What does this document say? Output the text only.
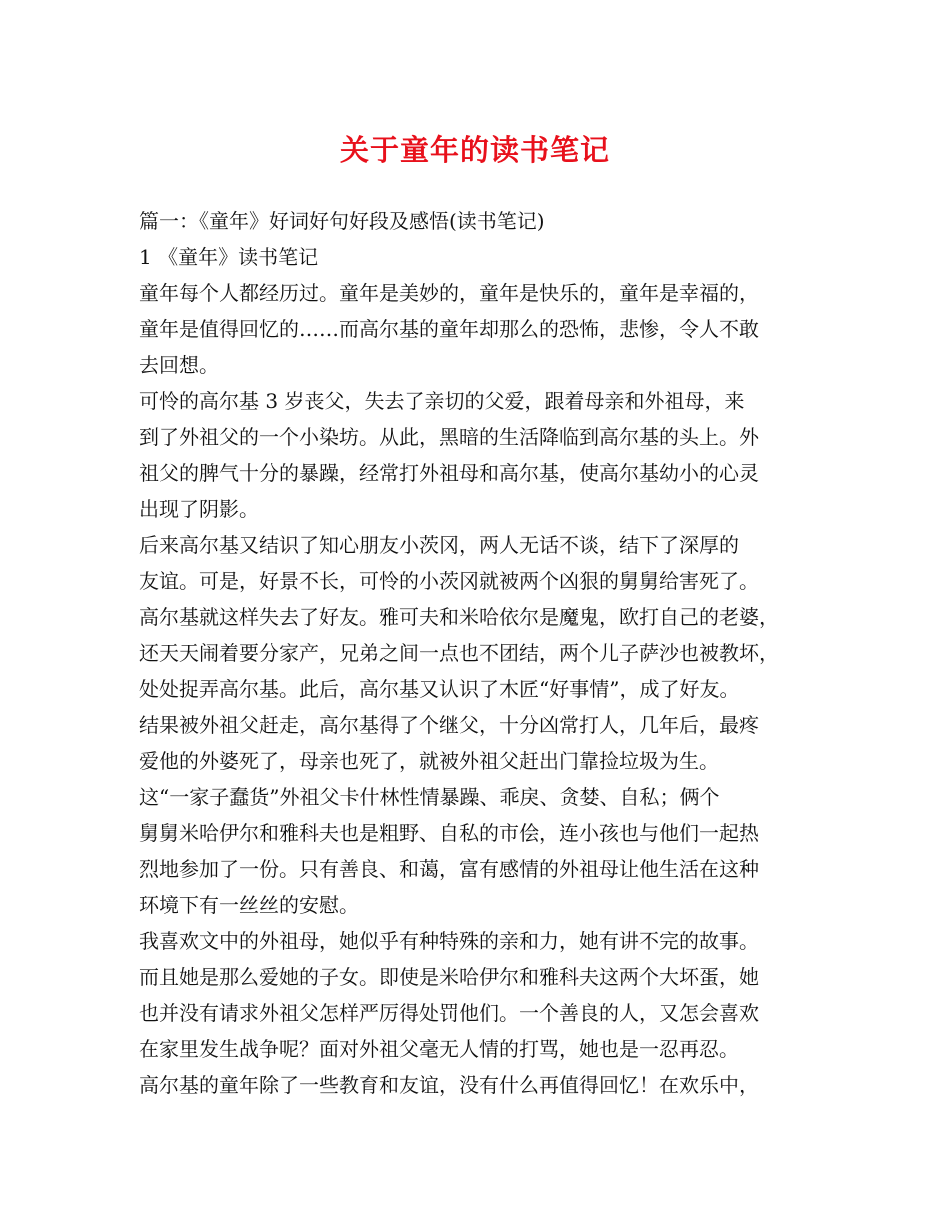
关于童年的读书笔记
篇一：《童年》好词好句好段及感悟(读书笔记)
1 《童年》读书笔记
童年每个人都经历过。童年是美妙的，童年是快乐的，童年是幸福的，
童年是值得回忆的……而高尔基的童年却那么的恐怖，悲惨，令人不敢
去回想。
可怜的高尔基 3 岁丧父，失去了亲切的父爱，跟着母亲和外祖母，来
到了外祖父的一个小染坊。从此，黑暗的生活降临到高尔基的头上。外
祖父的脾气十分的暴躁，经常打外祖母和高尔基，使高尔基幼小的心灵
出现了阴影。
后来高尔基又结识了知心朋友小茨冈，两人无话不谈，结下了深厚的
友谊。可是，好景不长，可怜的小茨冈就被两个凶狠的舅舅给害死了。
高尔基就这样失去了好友。雅可夫和米哈依尔是魔鬼，欧打自己的老婆，
还天天闹着要分家产，兄弟之间一点也不团结，两个儿子萨沙也被教坏，
处处捉弄高尔基。此后，高尔基又认识了木匠“好事情”，成了好友。
结果被外祖父赶走，高尔基得了个继父，十分凶常打人，几年后，最疼
爱他的外婆死了，母亲也死了，就被外祖父赶出门靠捡垃圾为生。
这“一家子蠢货”外祖父卡什林性情暴躁、乖戾、贪婪、自私；俩个
舅舅米哈伊尔和雅科夫也是粗野、自私的市侩，连小孩也与他们一起热
烈地参加了一份。只有善良、和蔼，富有感情的外祖母让他生活在这种
环境下有一丝丝的安慰。
我喜欢文中的外祖母，她似乎有种特殊的亲和力，她有讲不完的故事。
而且她是那么爱她的子女。即使是米哈伊尔和雅科夫这两个大坏蛋，她
也并没有请求外祖父怎样严厉得处罚他们。一个善良的人，又怎会喜欢
在家里发生战争呢？面对外祖父毫无人情的打骂，她也是一忍再忍。
高尔基的童年除了一些教育和友谊，没有什么再值得回忆！在欢乐中，
